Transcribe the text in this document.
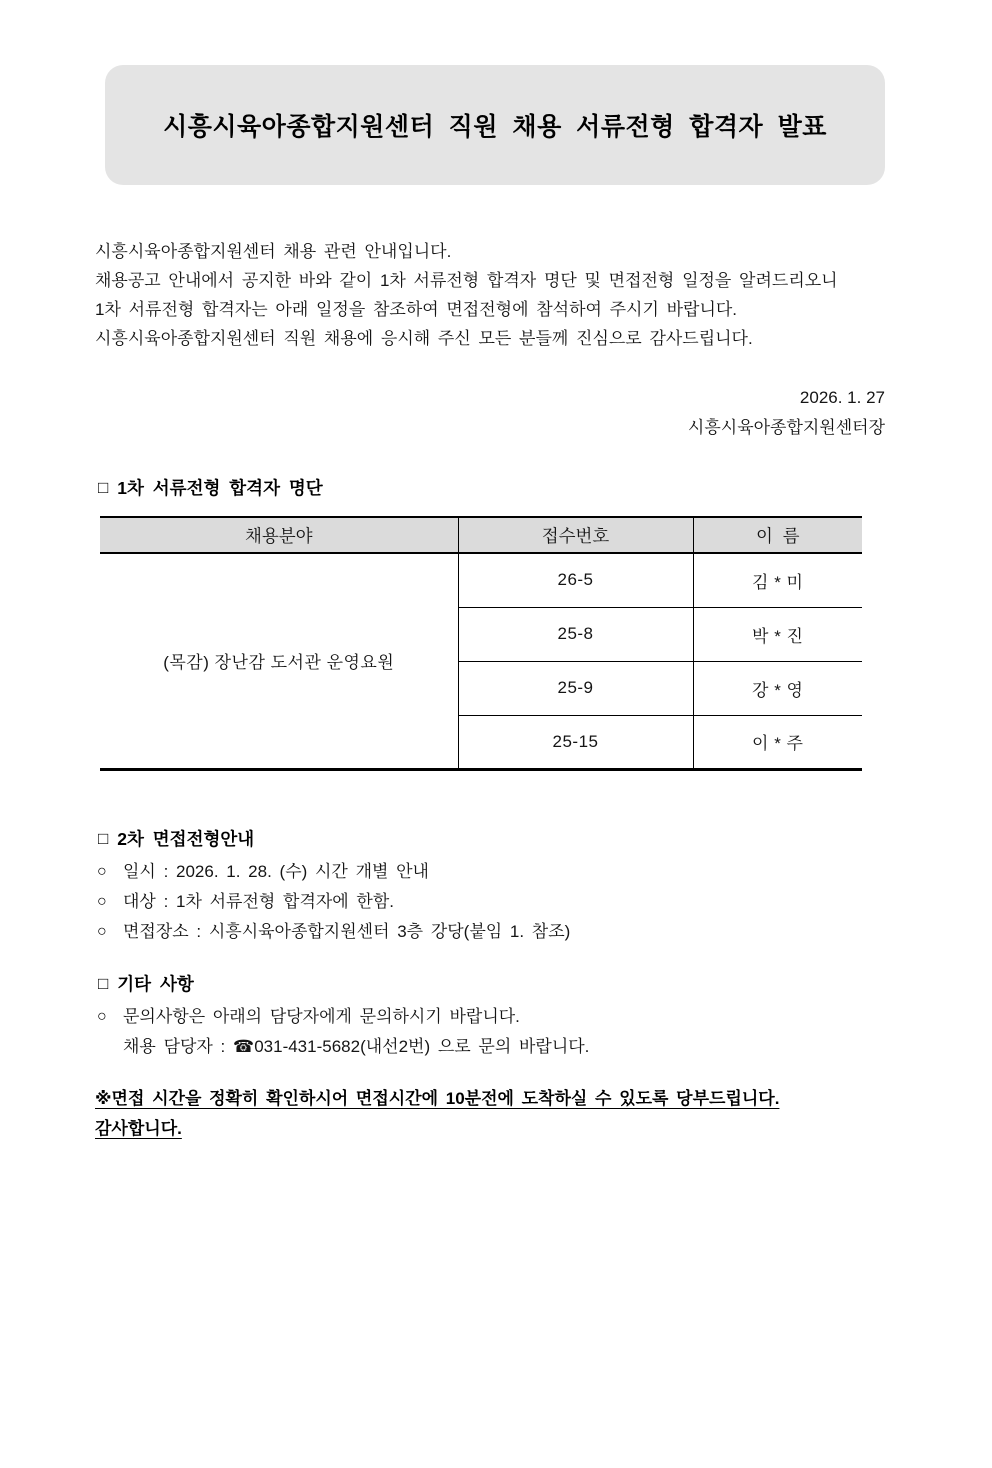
시흥시육아종합지원센터 직원 채용 서류전형 합격자 발표

시흥시육아종합지원센터 채용 관련 안내입니다.

채용공고 안내에서 공지한 바와 같이 1차 서류전형 합격자 명단 및 면접전형 일정을 알려드리오니

1차 서류전형 합격자는 아래 일정을 참조하여 면접전형에 참석하여 주시기 바랍니다.

시흥시육아종합지원센터 직원 채용에 응시해 주신 모든 분들께 진심으로 감사드립니다.

2026. 1. 27

시흥시육아종합지원센터장

□ 1차 서류전형 합격자 명단
채용분야	접수번호	이  름
(목감) 장난감 도서관 운영요원	26-5	김 * 미
	25-8	박 * 진
	25-9	강 * 영
	25-15	이 * 주
□ 2차 면접전형안내
○ 일시 : 2026. 1. 28. (수) 시간 개별 안내
○ 대상 : 1차 서류전형 합격자에 한함.
○ 면접장소 : 시흥시육아종합지원센터 3층 강당(붙임 1. 참조)
□ 기타 사항
○ 문의사항은 아래의 담당자에게 문의하시기 바랍니다.
채용 담당자 : ☎031-431-5682(내선2번) 으로 문의 바랍니다.

※면접 시간을 정확히 확인하시어 면접시간에 10분전에 도착하실 수 있도록 당부드립니다.

감사합니다.
